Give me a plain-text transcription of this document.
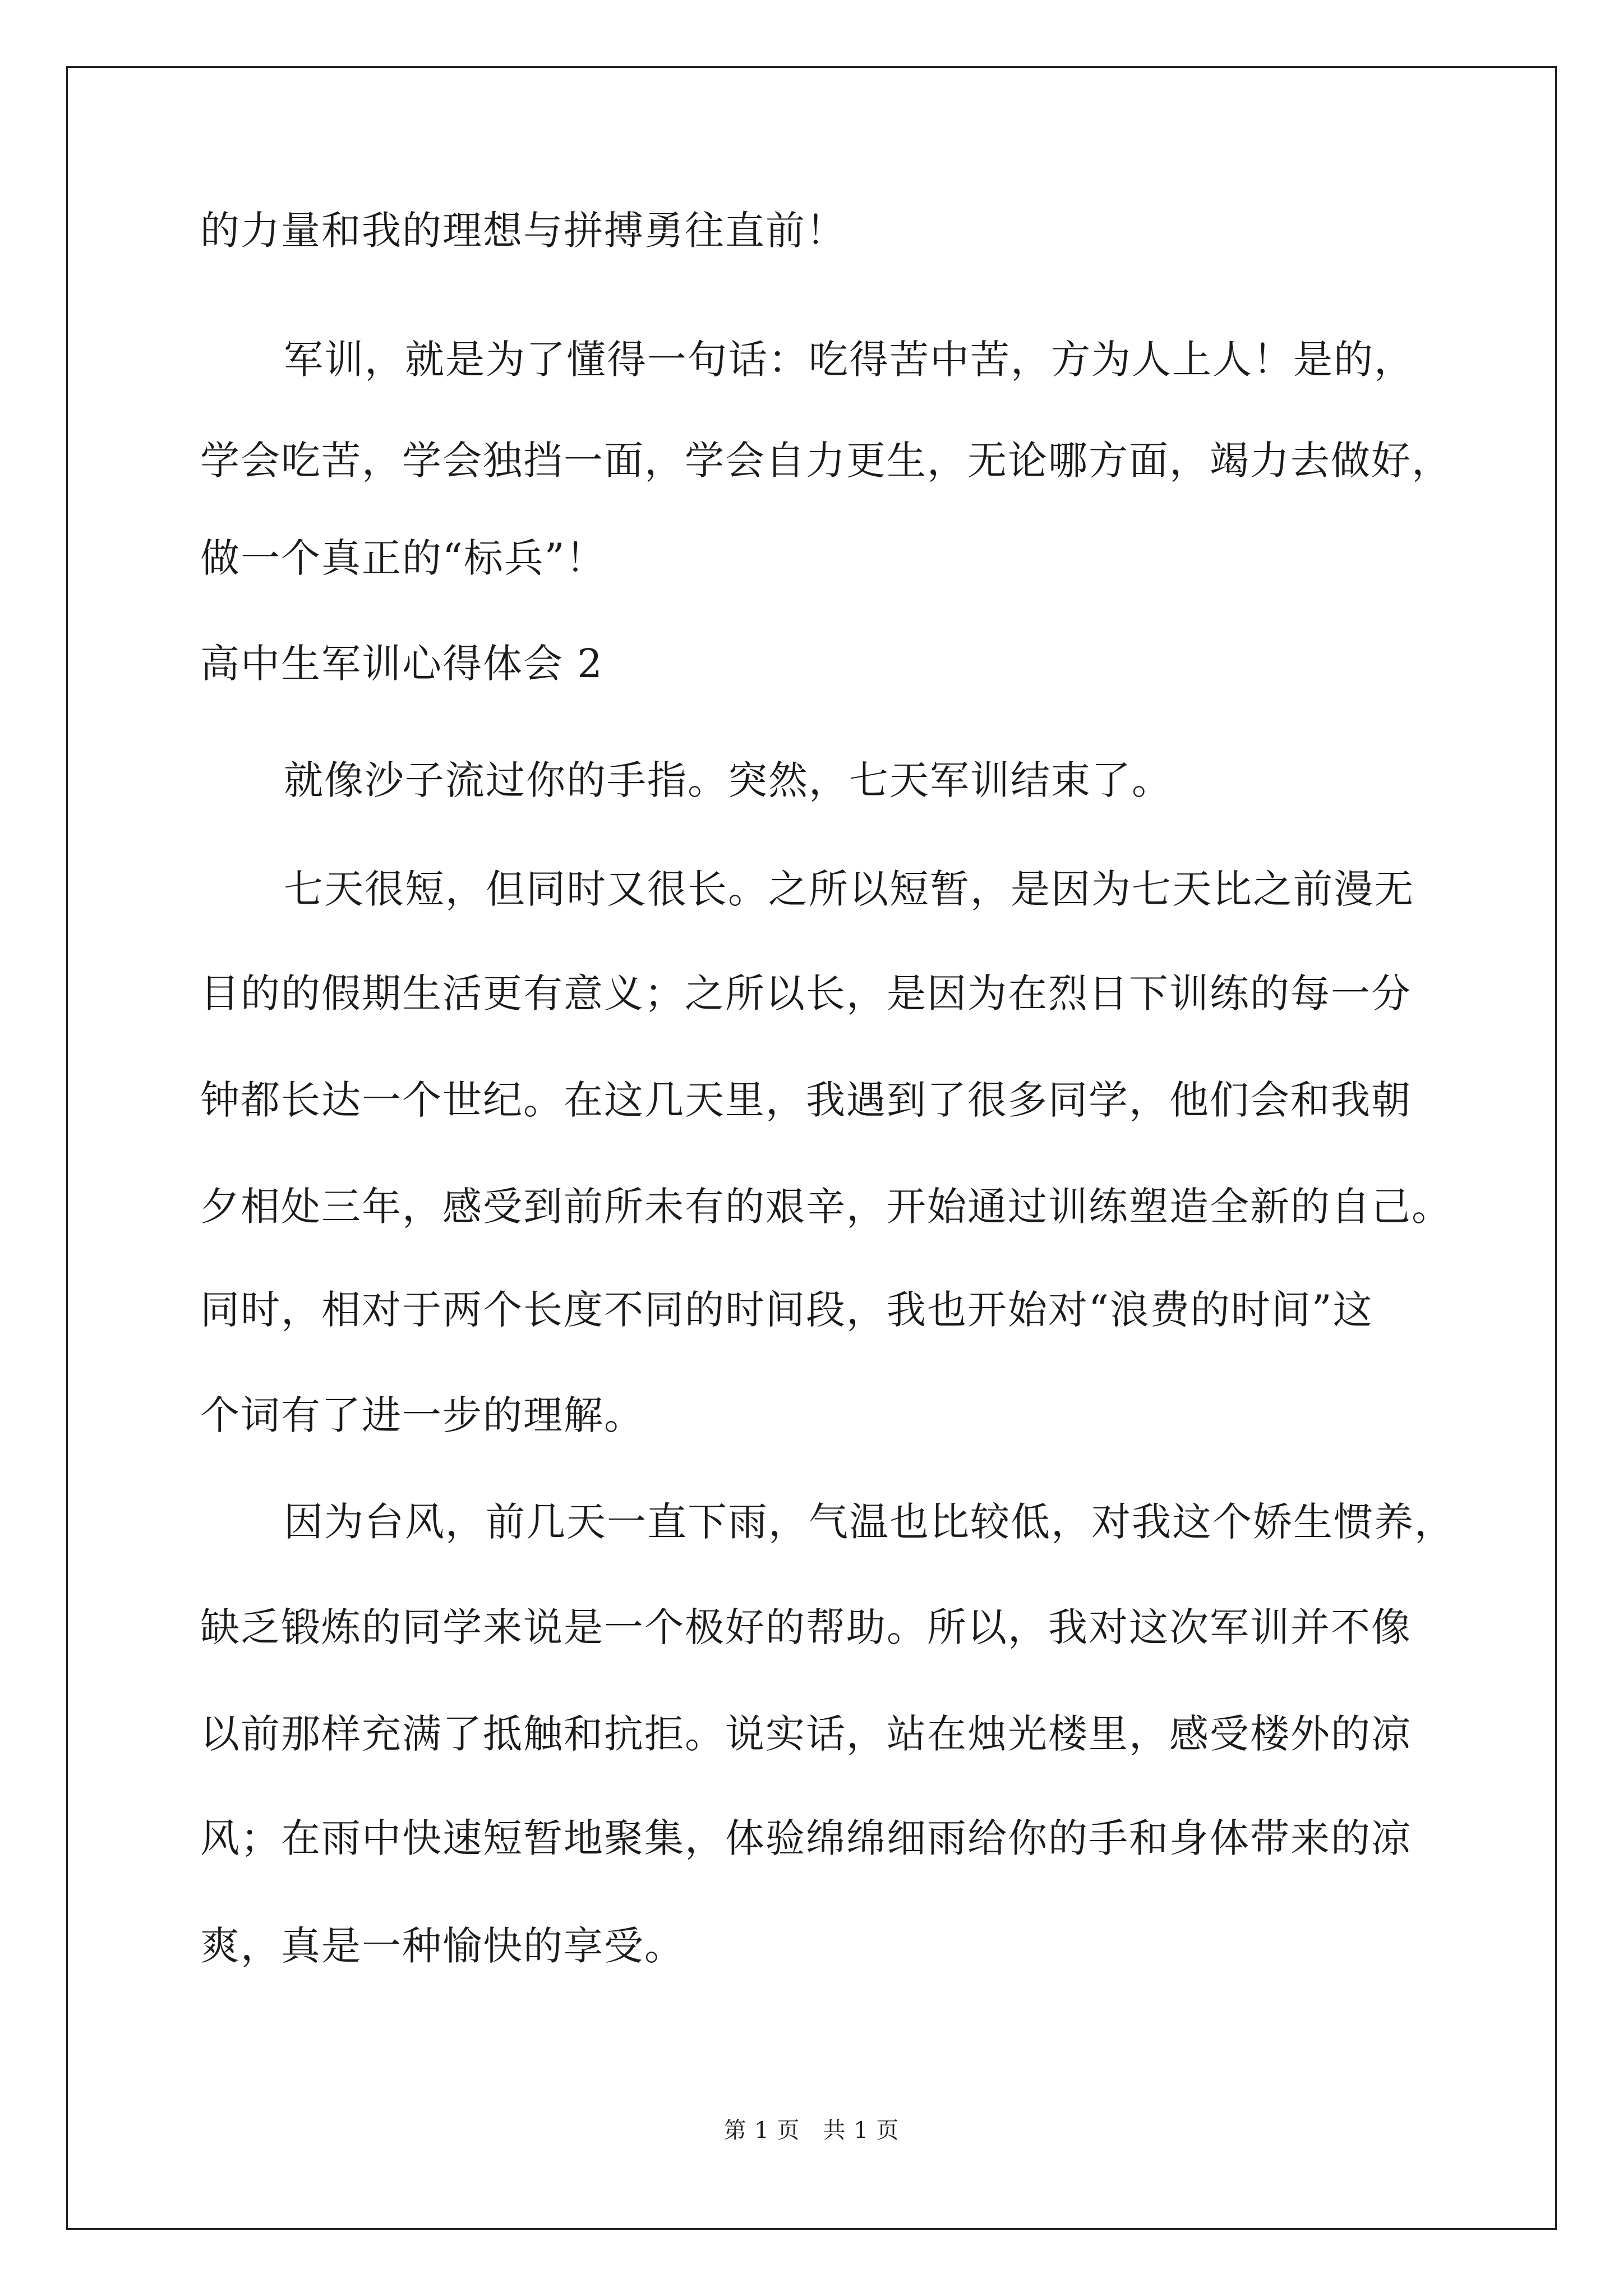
的力量和我的理想与拼搏勇往直前！
军训，就是为了懂得一句话：吃得苦中苦，方为人上人！是的，
学会吃苦，学会独挡一面，学会自力更生，无论哪方面，竭力去做好，
做一个真正的“标兵”！
高中生军训心得体会 2
就像沙子流过你的手指。突然，七天军训结束了。
七天很短，但同时又很长。之所以短暂，是因为七天比之前漫无
目的的假期生活更有意义；之所以长，是因为在烈日下训练的每一分
钟都长达一个世纪。在这几天里，我遇到了很多同学，他们会和我朝
夕相处三年，感受到前所未有的艰辛，开始通过训练塑造全新的自己。
同时，相对于两个长度不同的时间段，我也开始对“浪费的时间”这
个词有了进一步的理解。
因为台风，前几天一直下雨，气温也比较低，对我这个娇生惯养，
缺乏锻炼的同学来说是一个极好的帮助。所以，我对这次军训并不像
以前那样充满了抵触和抗拒。说实话，站在烛光楼里，感受楼外的凉
风；在雨中快速短暂地聚集，体验绵绵细雨给你的手和身体带来的凉
爽，真是一种愉快的享受。
第 1 页　共 1 页
